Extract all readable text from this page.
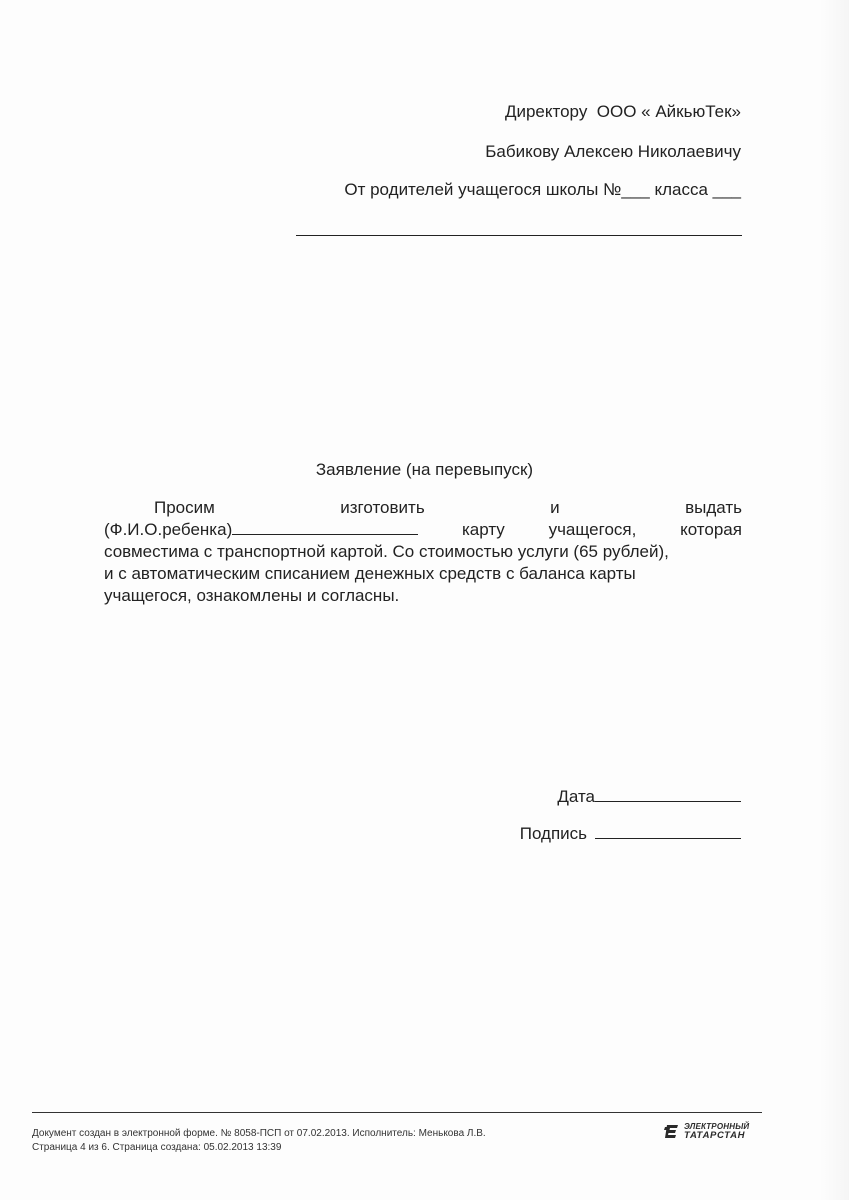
Директору  ООО « АйкьюТек»
Бабикову Алексею Николаевичу
От родителей учащегося школы №___ класса ___
Заявление (на перевыпуск)
Просим	изготовить	и	выдать
(Ф.И.О.ребенка)	карту	учащегося,	которая
совместима с транспортной картой. Со стоимостью услуги (65 рублей),
и с автоматическим списанием денежных средств с баланса карты
учащегося, ознакомлены и согласны.
Дата
Подпись
Документ создан в электронной форме. № 8058-ПСП от 07.02.2013. Исполнитель: Менькова Л.В.
Страница 4 из 6. Страница создана: 05.02.2013 13:39
ЭЛЕКТРОННЫЙ
ТАТАРСТАН
